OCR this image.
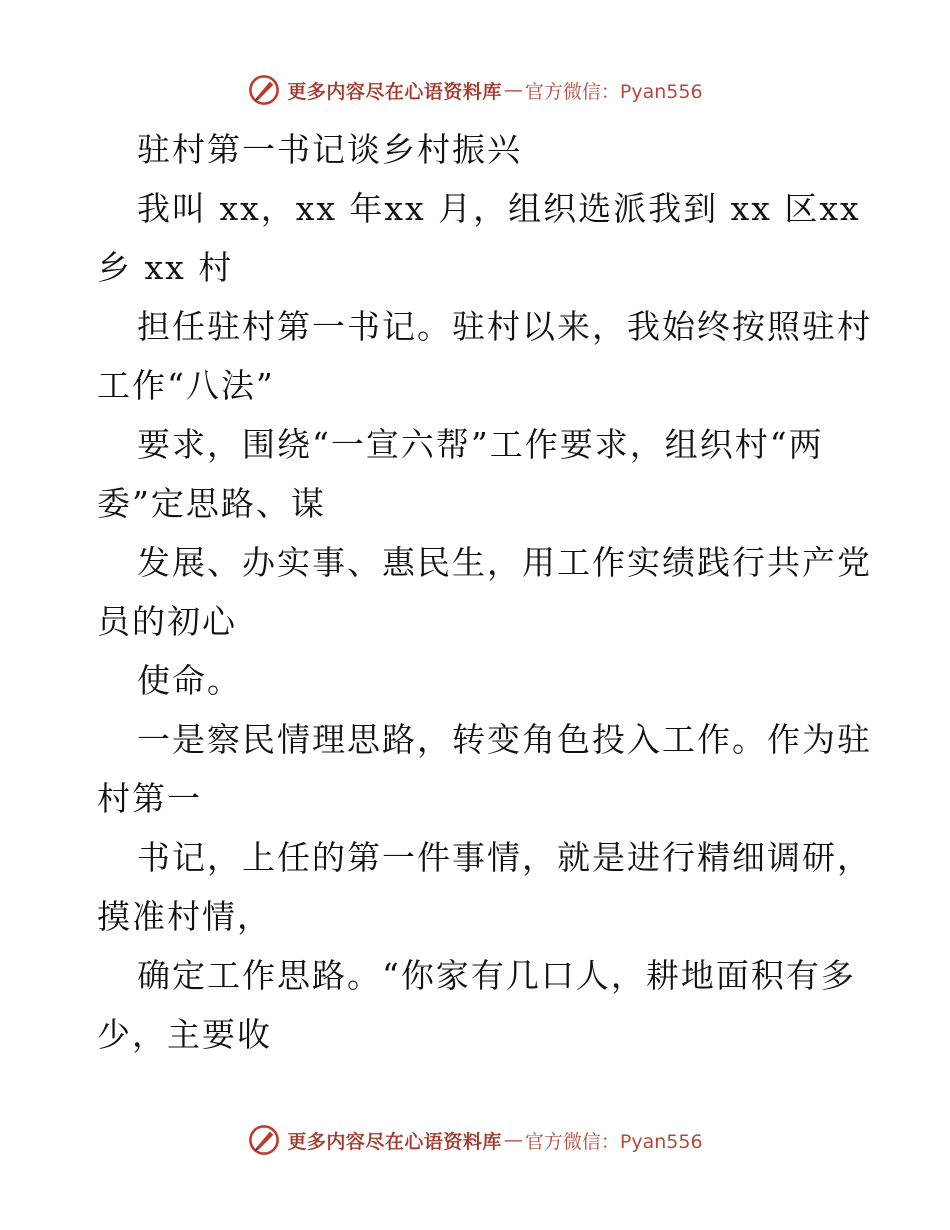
更多内容尽在心语资料库 — 官方微信：Pyan556

驻村第一书记谈乡村振兴

我叫 xx，xx 年xx 月，组织选派我到 xx 区xx

乡 xx 村

担任驻村第一书记。驻村以来，我始终按照驻村

工作“八法”

要求，围绕“一宣六帮”工作要求，组织村“两

委”定思路、谋

发展、办实事、惠民生，用工作实绩践行共产党

员的初心

使命。

一是察民情理思路，转变角色投入工作。作为驻

村第一

书记，上任的第一件事情，就是进行精细调研，

摸准村情，

确定工作思路。“你家有几口人，耕地面积有多

少，主要收

更多内容尽在心语资料库 — 官方微信：Pyan556
